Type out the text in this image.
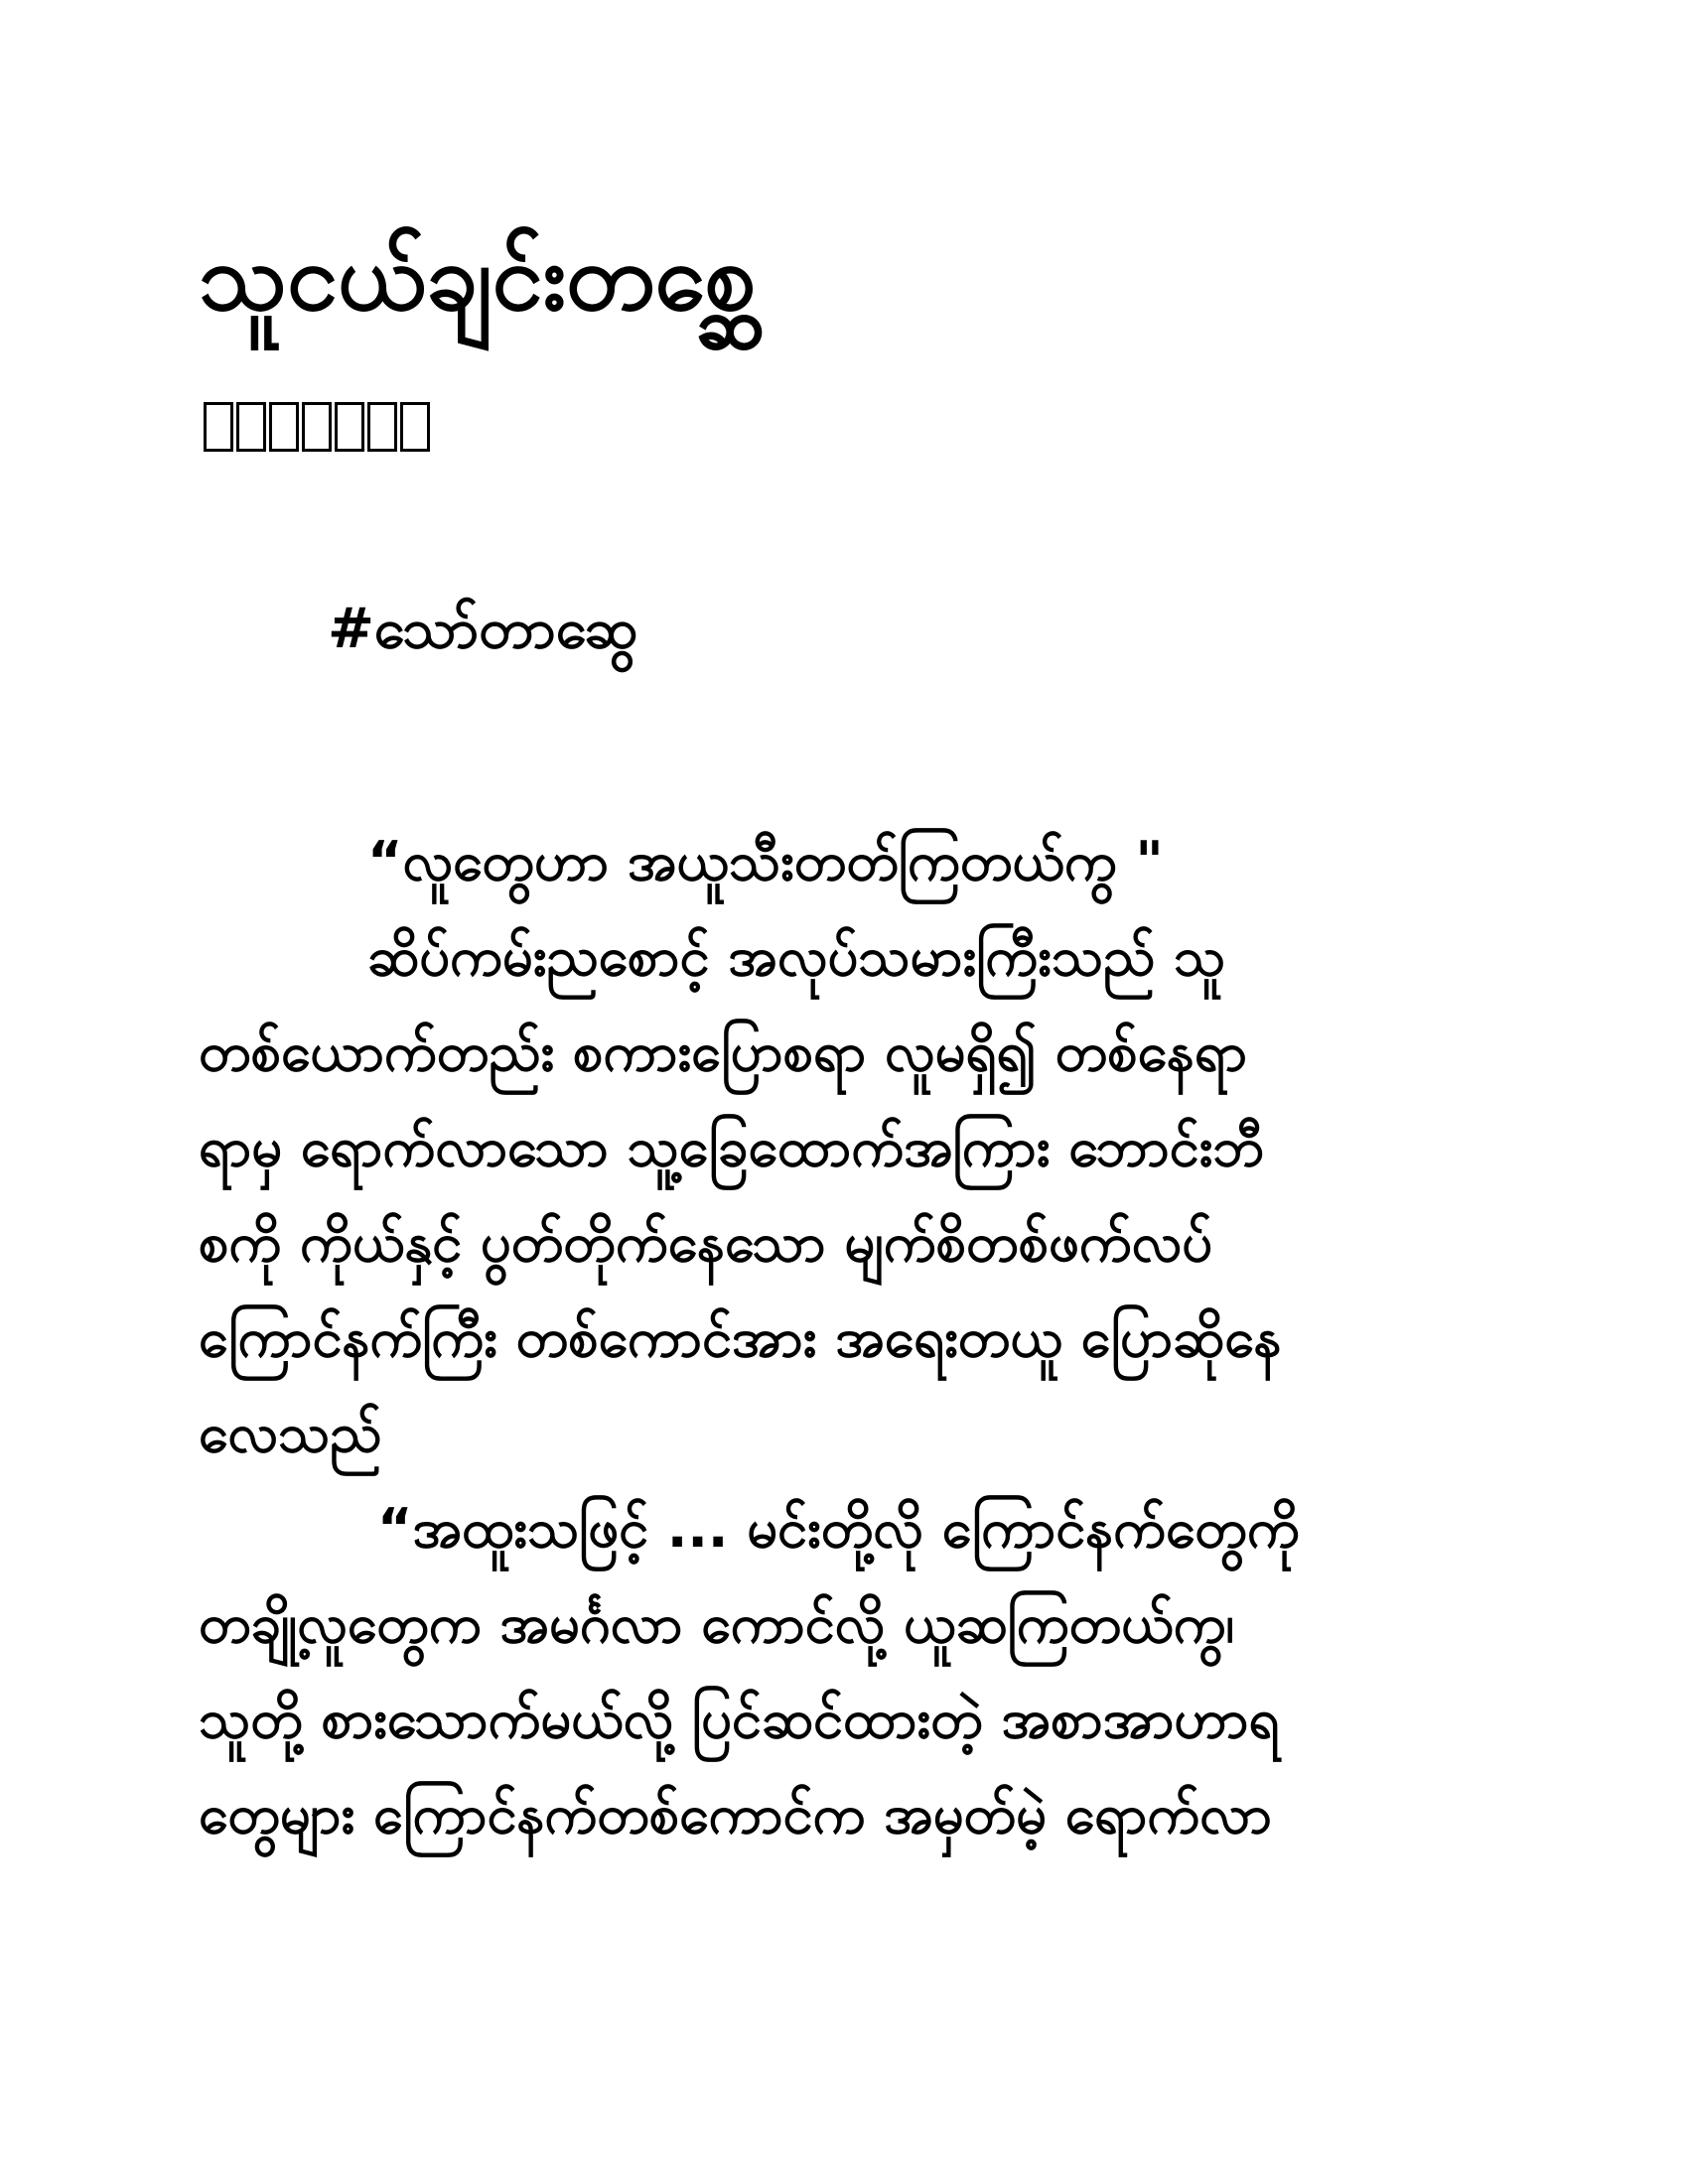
သူငယ်ချင်းတစ္ဆေ
#သော်တာဆွေ

“လူတွေဟာ အယူသီးတတ်ကြတယ်ကွ "

ဆိပ်ကမ်းညစောင့် အလုပ်သမားကြီးသည် သူ
တစ်ယောက်တည်း စကားပြောစရာ လူမရှိ၍ တစ်နေရာ
ရာမှ ရောက်လာသော သူ့ခြေထောက်အကြား ဘောင်းဘီ
စကို ကိုယ်နှင့် ပွတ်တိုက်နေသော မျက်စိတစ်ဖက်လပ်
ကြောင်နက်ကြီး တစ်ကောင်အား အရေးတယူ ပြောဆိုနေ
လေသည်

“အထူးသဖြင့် ... မင်းတို့လို ကြောင်နက်တွေကို
တချို့လူတွေက အမင်္ဂလာ ကောင်လို့ ယူဆကြတယ်ကွ၊
သူတို့ စားသောက်မယ်လို့ ပြင်ဆင်ထားတဲ့ အစာအာဟာရ
တွေများ ကြောင်နက်တစ်ကောင်က အမှတ်မဲ့ ရောက်လာ
